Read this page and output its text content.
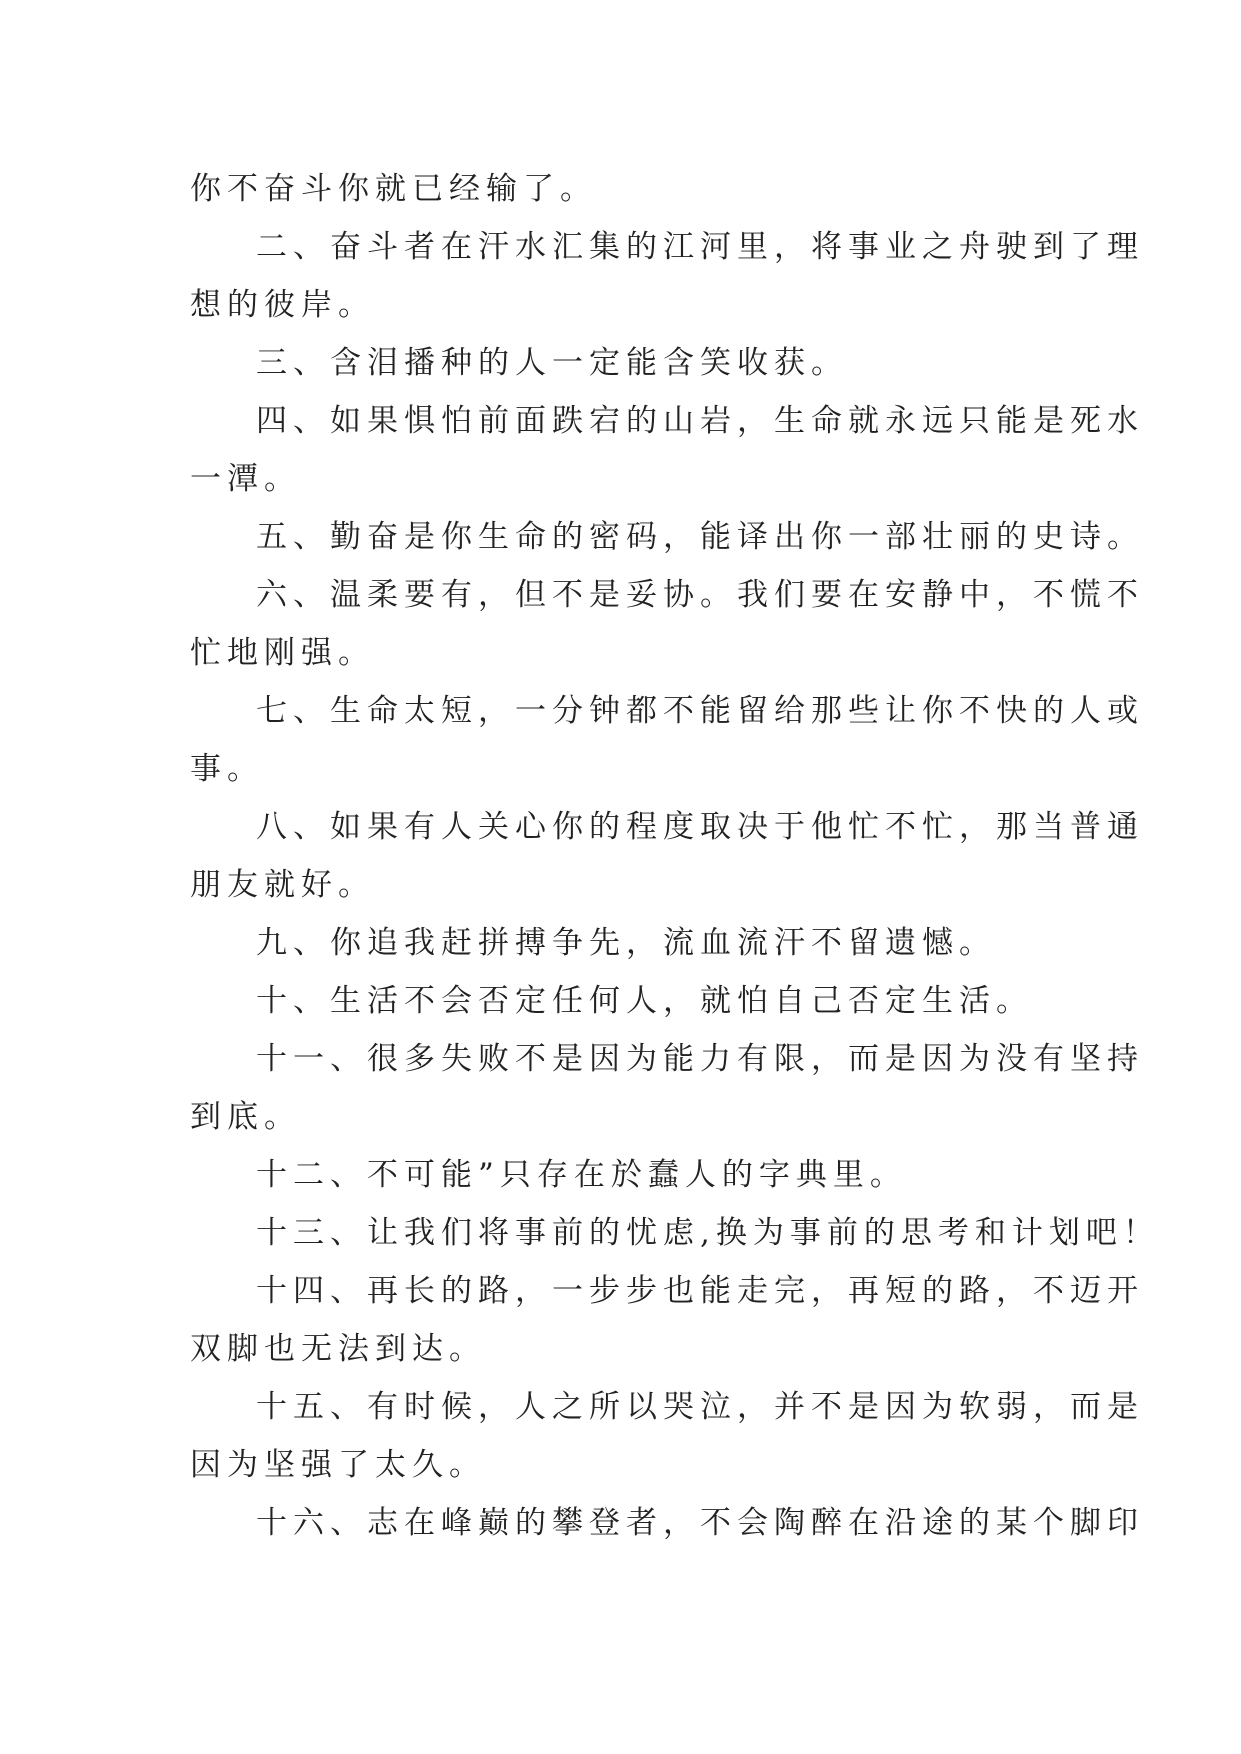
你不奋斗你就已经输了。
二、奋斗者在汗水汇集的江河里，将事业之舟驶到了理
想的彼岸。
三、含泪播种的人一定能含笑收获。
四、如果惧怕前面跌宕的山岩，生命就永远只能是死水
一潭。
五、勤奋是你生命的密码，能译出你一部壮丽的史诗。
六、温柔要有，但不是妥协。我们要在安静中，不慌不
忙地刚强。
七、生命太短，一分钟都不能留给那些让你不快的人或
事。
八、如果有人关心你的程度取决于他忙不忙，那当普通
朋友就好。
九、你追我赶拼搏争先，流血流汗不留遗憾。
十、生活不会否定任何人，就怕自己否定生活。
十一、很多失败不是因为能力有限，而是因为没有坚持
到底。
十二、不可能”只存在於蠢人的字典里。
十三、让我们将事前的忧虑,换为事前的思考和计划吧！
十四、再长的路，一步步也能走完，再短的路，不迈开
双脚也无法到达。
十五、有时候，人之所以哭泣，并不是因为软弱，而是
因为坚强了太久。
十六、志在峰巅的攀登者，不会陶醉在沿途的某个脚印
